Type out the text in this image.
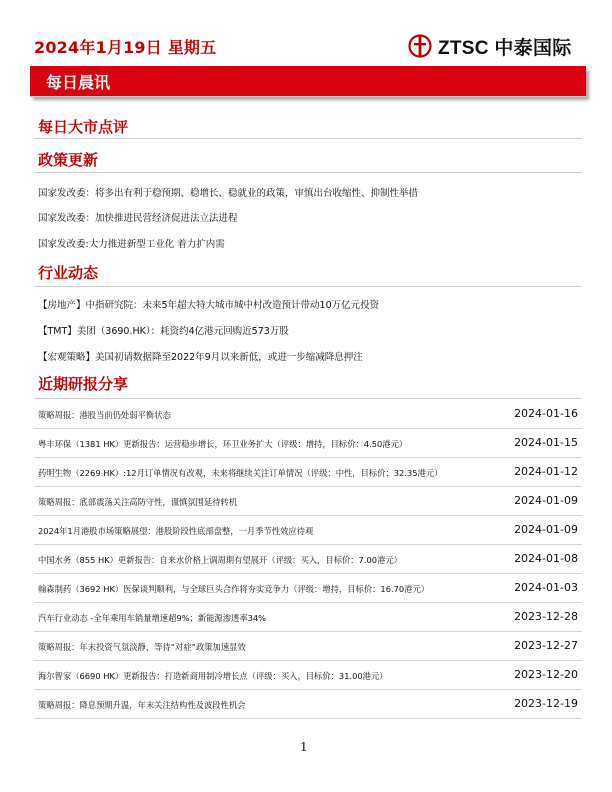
2024年1月19日 星期五	ZTSC 中泰国际
每日晨讯
每日大市点评
政策更新
国家发改委：将多出有利于稳预期、稳增长、稳就业的政策，审慎出台收缩性、抑制性举措
国家发改委：加快推进民营经济促进法立法进程
国家发改委:大力推进新型工业化 着力扩内需
行业动态
【房地产】中指研究院：未来5年超大特大城市城中村改造预计带动10万亿元投资
【TMT】美团（3690.HK）：耗资约4亿港元回购近573万股
【宏观策略】美国初请数据降至2022年9月以来新低，或进一步缩减降息押注
近期研报分享
策略周报：港股当前仍处弱平衡状态	2024-01-16
粤丰环保（1381 HK）更新报告：运营稳步增长，环卫业务扩大（评级：增持，目标价：4.50港元）	2024-01-15
药明生物（2269 HK）:12月订单情况有改观，未来将继续关注订单情况（评级：中性，目标价：32.35港元）	2024-01-12
策略周报：底部震荡关注高防守性，谨慎氛围延待转机	2024-01-09
2024年1月港股市场策略展望：港股阶段性底部盘整，一月季节性效应待观	2024-01-09
中国水务（855 HK）更新报告：自来水价格上调周期有望展开（评级：买入，目标价：7.00港元）	2024-01-08
翰森制药（3692 HK）医保谈判顺利，与全球巨头合作将夯实竞争力（评级：增持，目标价：16.70港元）	2024-01-03
汽车行业动态 -全年乘用车销量增速超9%；新能源渗透率34%	2023-12-28
策略周报：年末投资气氛淡静，等待“对症”政策加速显效	2023-12-27
海尔智家（6690 HK）更新报告：打造新商用制冷增长点（评级：买入，目标价：31.00港元）	2023-12-20
策略周报：降息预期升温，年末关注结构性及波段性机会	2023-12-19
1
